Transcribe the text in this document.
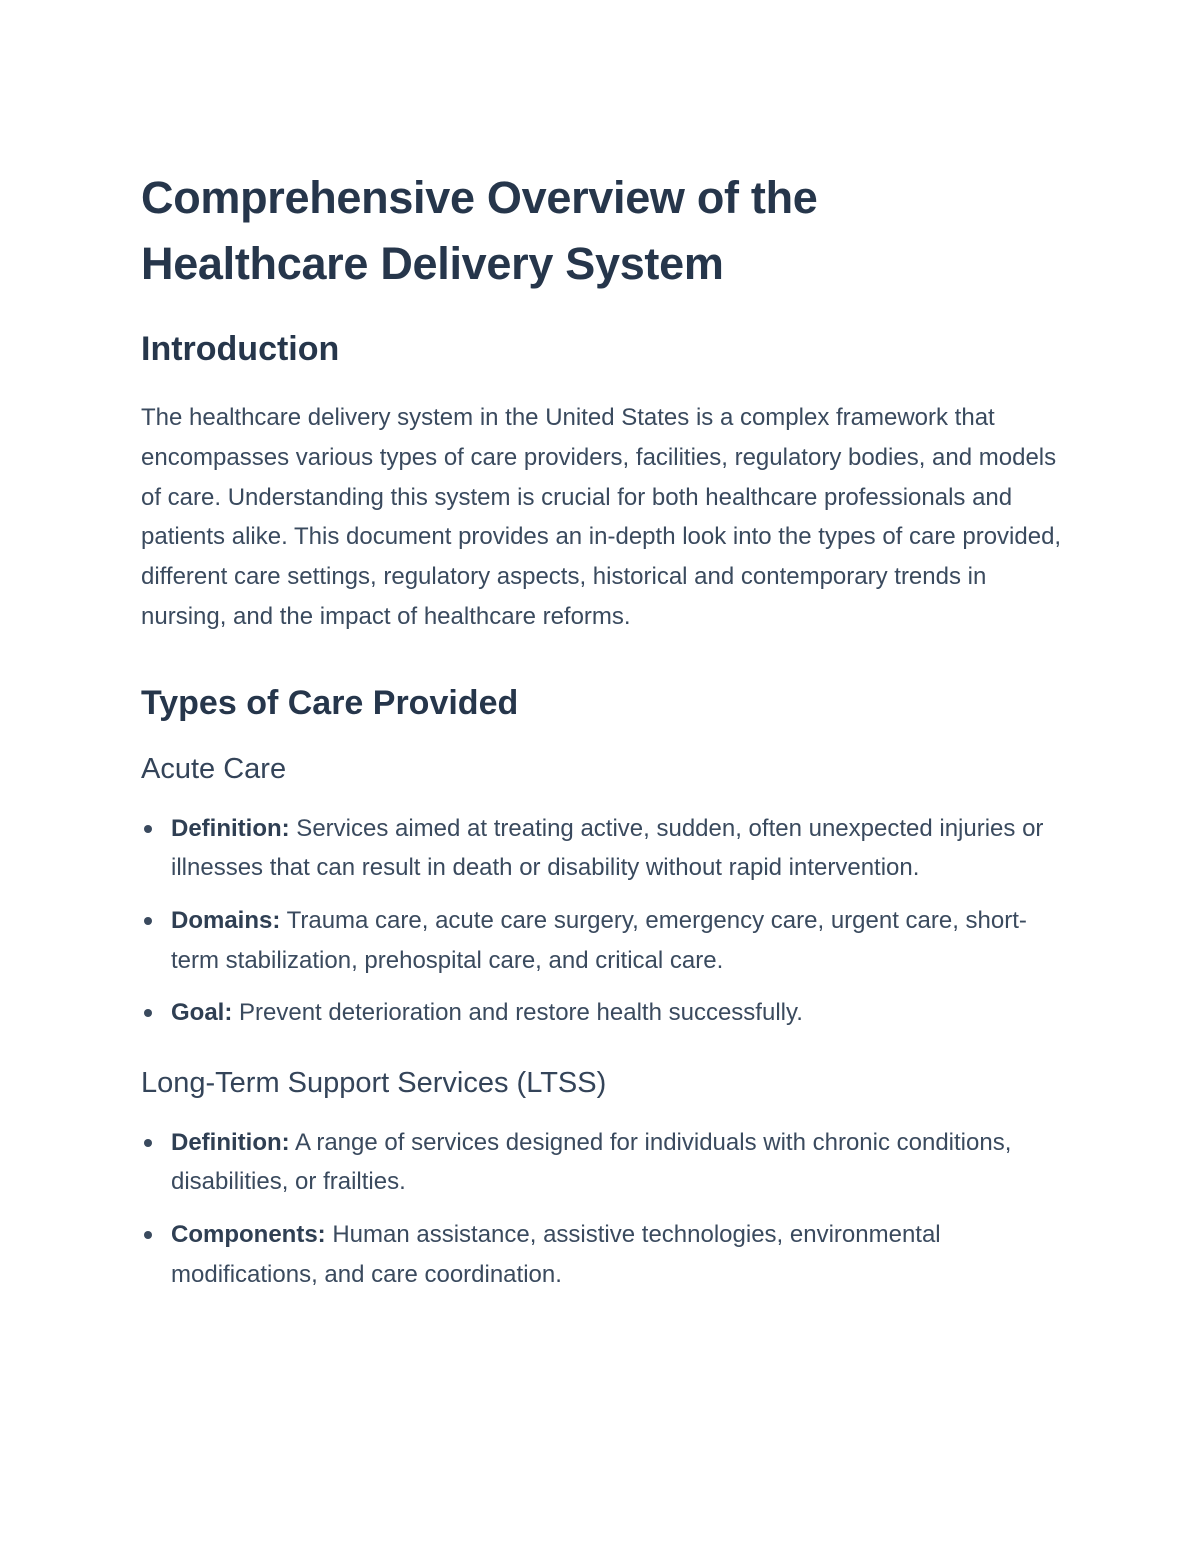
Comprehensive Overview of the
Healthcare Delivery System
Introduction

The healthcare delivery system in the United States is a complex framework that encompasses various types of care providers, facilities, regulatory bodies, and models of care. Understanding this system is crucial for both healthcare professionals and patients alike. This document provides an in-depth look into the types of care provided, different care settings, regulatory aspects, historical and contemporary trends in nursing, and the impact of healthcare reforms.

Types of Care Provided
Acute Care
Definition: Services aimed at treating active, sudden, often unexpected injuries or illnesses that can result in death or disability without rapid intervention.
Domains: Trauma care, acute care surgery, emergency care, urgent care, short-term stabilization, prehospital care, and critical care.
Goal: Prevent deterioration and restore health successfully.
Long-Term Support Services (LTSS)
Definition: A range of services designed for individuals with chronic conditions, disabilities, or frailties.
Components: Human assistance, assistive technologies, environmental modifications, and care coordination.
